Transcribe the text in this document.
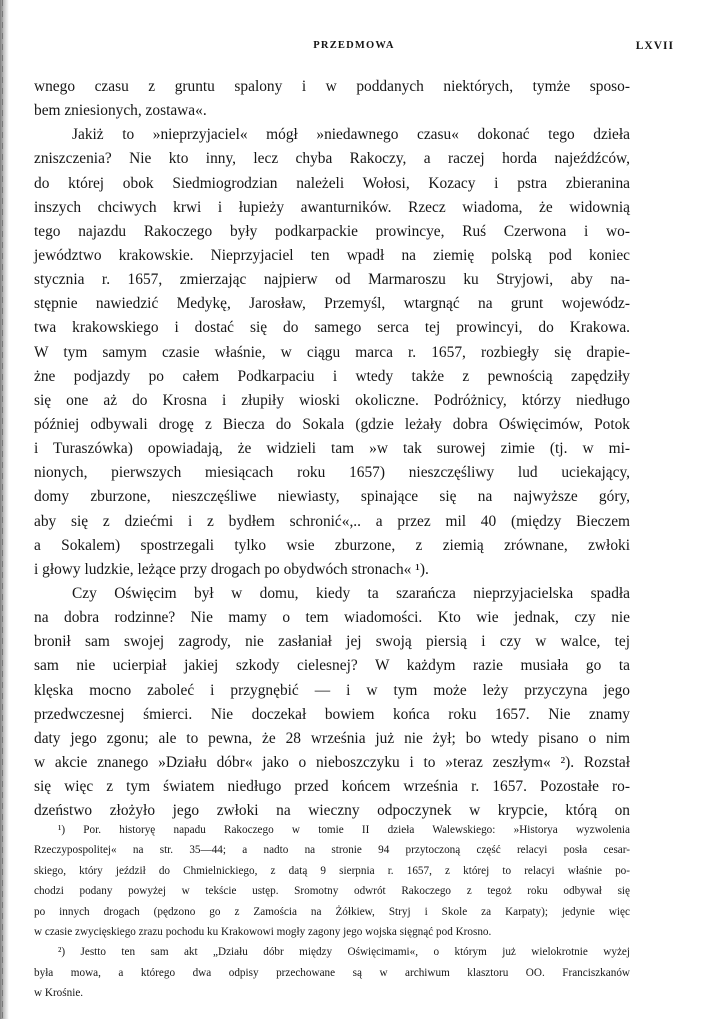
PRZEDMOWA	LXVII
wnego czasu z gruntu spalony i w poddanych niektórych, tymże sposo-
bem zniesionych, zostawa«.
Jakiż to »nieprzyjaciel« mógł »niedawnego czasu« dokonać tego dzieła
zniszczenia? Nie kto inny, lecz chyba Rakoczy, a raczej horda najeźdźców,
do której obok Siedmiogrodzian należeli Wołosi, Kozacy i pstra zbieranina
inszych chciwych krwi i łupieży awanturników. Rzecz wiadoma, że widownią
tego najazdu Rakoczego były podkarpackie prowincye, Ruś Czerwona i wo-
jewództwo krakowskie. Nieprzyjaciel ten wpadł na ziemię polską pod koniec
stycznia r. 1657, zmierzając najpierw od Marmaroszu ku Stryjowi, aby na-
stępnie nawiedzić Medykę, Jarosław, Przemyśl, wtargnąć na grunt wojewódz-
twa krakowskiego i dostać się do samego serca tej prowincyi, do Krakowa.
W tym samym czasie właśnie, w ciągu marca r. 1657, rozbiegły się drapie-
żne podjazdy po całem Podkarpaciu i wtedy także z pewnością zapędziły
się one aż do Krosna i złupiły wioski okoliczne. Podróżnicy, którzy niedługo
później odbywali drogę z Biecza do Sokala (gdzie leżały dobra Oświęcimów, Potok
i Turaszówka) opowiadają, że widzieli tam »w tak surowej zimie (tj. w mi-
nionych, pierwszych miesiącach roku 1657) nieszczęśliwy lud uciekający,
domy zburzone, nieszczęśliwe niewiasty, spinające się na najwyższe góry,
aby się z dziećmi i z bydłem schronić«,.. a przez mil 40 (między Bieczem
a Sokalem) spostrzegali tylko wsie zburzone, z ziemią zrównane, zwłoki
i głowy ludzkie, leżące przy drogach po obydwóch stronach« ¹).
Czy Oświęcim był w domu, kiedy ta szarańcza nieprzyjacielska spadła
na dobra rodzinne? Nie mamy o tem wiadomości. Kto wie jednak, czy nie
bronił sam swojej zagrody, nie zasłaniał jej swoją piersią i czy w walce, tej
sam nie ucierpiał jakiej szkody cielesnej? W każdym razie musiała go ta
klęska mocno zaboleć i przygnębić — i w tym może leży przyczyna jego
przedwczesnej śmierci. Nie doczekał bowiem końca roku 1657. Nie znamy
daty jego zgonu; ale to pewna, że 28 września już nie żył; bo wtedy pisano o nim
w akcie znanego »Działu dóbr« jako o nieboszczyku i to »teraz zeszłym« ²). Rozstał
się więc z tym światem niedługo przed końcem września r. 1657. Pozostałe ro-
dzeństwo złożyło jego zwłoki na wieczny odpoczynek w krypcie, którą on
¹) Por. historyę napadu Rakoczego w tomie II dzieła Walewskiego: »Historya wyzwolenia
Rzeczypospolitej« na str. 35—44; a nadto na stronie 94 przytoczoną część relacyi posła cesar-
skiego, który jeździł do Chmielnickiego, z datą 9 sierpnia r. 1657, z której to relacyi właśnie po-
chodzi podany powyżej w tekście ustęp. Sromotny odwrót Rakoczego z tegoż roku odbywał się
po innych drogach (pędzono go z Zamościa na Żółkiew, Stryj i Skole za Karpaty); jedynie więc
w czasie zwycięskiego zrazu pochodu ku Krakowowi mogły zagony jego wojska sięgnąć pod Krosno.
²) Jestto ten sam akt „Działu dóbr między Oświęcimami«, o którym już wielokrotnie wyżej
była mowa, a którego dwa odpisy przechowane są w archiwum klasztoru OO. Franciszkanów
w Krośnie.
